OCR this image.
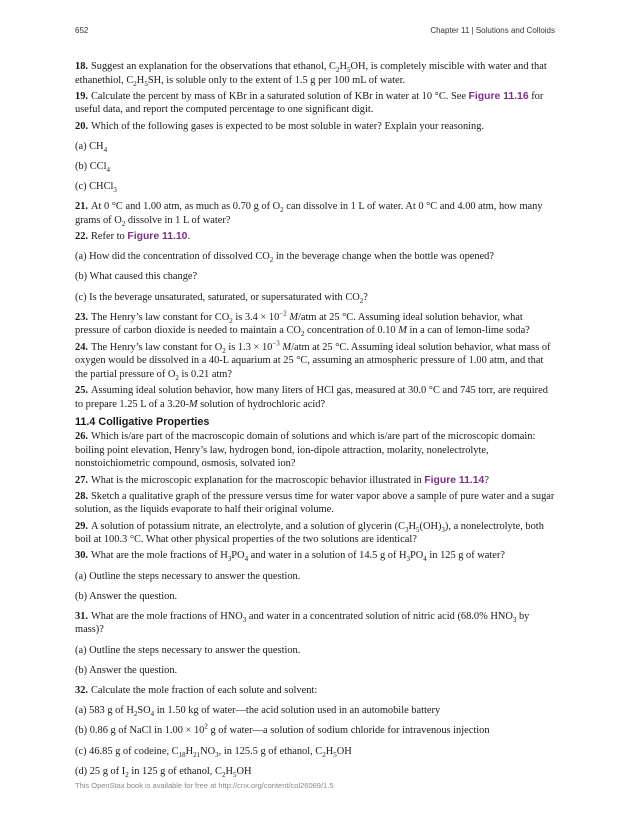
652	Chapter 11 | Solutions and Colloids

18. Suggest an explanation for the observations that ethanol, $C_2H_5OH$, is completely miscible with water and that ethanethiol, $C_2H_5SH$, is soluble only to the extent of 1.5 g per 100 mL of water.

19. Calculate the percent by mass of KBr in a saturated solution of KBr in water at 10 °C. See Figure 11.16 for useful data, and report the computed percentage to one significant digit.

20. Which of the following gases is expected to be most soluble in water? Explain your reasoning.

(a) $CH_4$

(b) CCl$_4$

(c) CHCl$_3$

21. At 0 °C and 1.00 atm, as much as 0.70 g of $O_2$ can dissolve in 1 L of water. At 0 °C and 4.00 atm, how many grams of $O_2$ dissolve in 1 L of water?

22. Refer to Figure 11.10.

(a) How did the concentration of dissolved $CO_2$ in the beverage change when the bottle was opened?

(b) What caused this change?

(c) Is the beverage unsaturated, saturated, or supersaturated with $CO_2$?

23. The Henry’s law constant for $CO_2$ is $3.4 \times 10^{-2}$ M/atm at 25 °C. Assuming ideal solution behavior, what pressure of carbon dioxide is needed to maintain a $CO_2$ concentration of 0.10 M in a can of lemon-lime soda?

24. The Henry’s law constant for $O_2$ is $1.3 \times 10^{-3}$ M/atm at 25 °C. Assuming ideal solution behavior, what mass of oxygen would be dissolved in a 40-L aquarium at 25 °C, assuming an atmospheric pressure of 1.00 atm, and that the partial pressure of $O_2$ is 0.21 atm?

25. Assuming ideal solution behavior, how many liters of HCl gas, measured at 30.0 °C and 745 torr, are required to prepare 1.25 L of a 3.20-M solution of hydrochloric acid?

11.4 Colligative Properties

26. Which is/are part of the macroscopic domain of solutions and which is/are part of the microscopic domain: boiling point elevation, Henry’s law, hydrogen bond, ion-dipole attraction, molarity, nonelectrolyte, nonstoichiometric compound, osmosis, solvated ion?

27. What is the microscopic explanation for the macroscopic behavior illustrated in Figure 11.14?

28. Sketch a qualitative graph of the pressure versus time for water vapor above a sample of pure water and a sugar solution, as the liquids evaporate to half their original volume.

29. A solution of potassium nitrate, an electrolyte, and a solution of glycerin $(C_3H_5(OH)_3)$, a nonelectrolyte, both boil at 100.3 °C. What other physical properties of the two solutions are identical?

30. What are the mole fractions of $H_3PO_4$ and water in a solution of 14.5 g of $H_3PO_4$ in 125 g of water?

(a) Outline the steps necessary to answer the question.

(b) Answer the question.

31. What are the mole fractions of $HNO_3$ and water in a concentrated solution of nitric acid (68.0% $HNO_3$ by mass)?

(a) Outline the steps necessary to answer the question.

(b) Answer the question.

32. Calculate the mole fraction of each solute and solvent:

(a) 583 g of $H_2SO_4$ in 1.50 kg of water—the acid solution used in an automobile battery

(b) 0.86 g of NaCl in $1.00 \times 10^2$ g of water—a solution of sodium chloride for intravenous injection

(c) 46.85 g of codeine, $C_{18}H_{21}NO_3$, in 125.5 g of ethanol, $C_2H_5OH$

(d) 25 g of $I_2$ in 125 g of ethanol, $C_2H_5OH$

This OpenStax book is available for free at http://cnx.org/content/col26069/1.5
